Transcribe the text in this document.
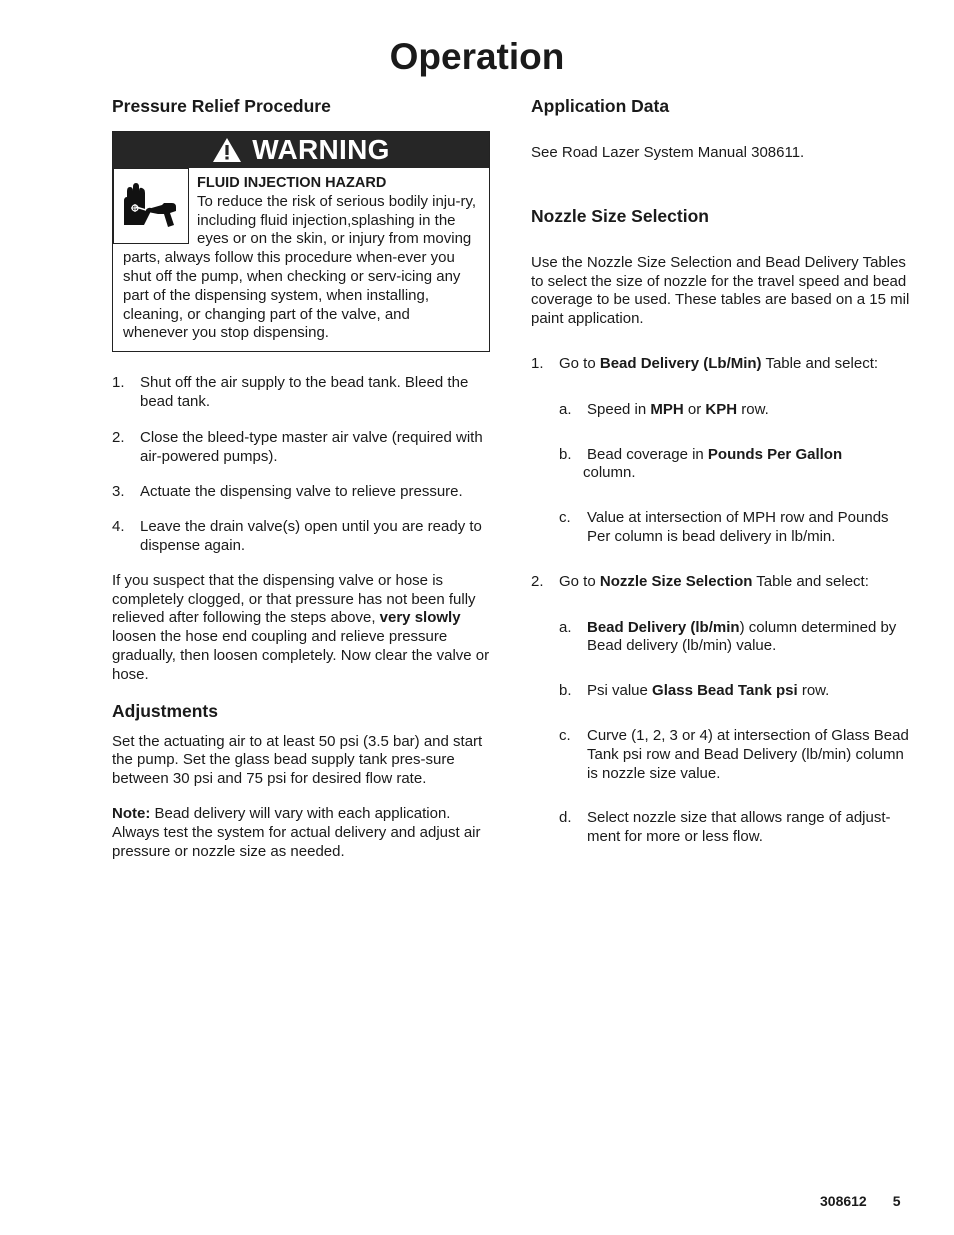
Operation
Pressure Relief Procedure
WARNING
FLUID INJECTION HAZARD
To reduce the risk of serious bodily inju-ry, including fluid injection,splashing in the eyes or on the skin, or injury from moving parts, always follow this procedure when-ever you shut off the pump, when checking or serv-icing any part of the dispensing system, when installing, cleaning, or changing part of the valve, and whenever you stop dispensing.
1. Shut off the air supply to the bead tank. Bleed the bead tank.
2. Close the bleed-type master air valve (required with air-powered pumps).
3. Actuate the dispensing valve to relieve pressure.
4. Leave the drain valve(s) open until you are ready to dispense again.

If you suspect that the dispensing valve or hose is completely clogged, or that pressure has not been fully relieved after following the steps above, very slowly loosen the hose end coupling and relieve pressure gradually, then loosen completely. Now clear the valve or hose.

Adjustments

Set the actuating air to at least 50 psi (3.5 bar) and start the pump. Set the glass bead supply tank pres-sure between 30 psi and 75 psi for desired flow rate.

Note: Bead delivery will vary with each application. Always test the system for actual delivery and adjust air pressure or nozzle size as needed.

Application Data

See Road Lazer System Manual 308611.

Nozzle Size Selection

Use the Nozzle Size Selection and Bead Delivery Tables to select the size of nozzle for the travel speed and bead coverage to be used. These tables are based on a 15 mil paint application.

1. Go to Bead Delivery (Lb/Min) Table and select:
a. Speed in MPH or KPH row.
b. Bead coverage in Pounds Per Gallon
column.
c. Value at intersection of MPH row and Pounds Per column is bead delivery in lb/min.
2. Go to Nozzle Size Selection Table and select:
a. Bead Delivery (lb/min) column determined by Bead delivery (lb/min) value.
b. Psi value Glass Bead Tank psi row.
c. Curve (1, 2, 3 or 4) at intersection of Glass Bead Tank psi row and Bead Delivery (lb/min) column is nozzle size value.
d. Select nozzle size that allows range of adjust-ment for more or less flow.
308612 5
